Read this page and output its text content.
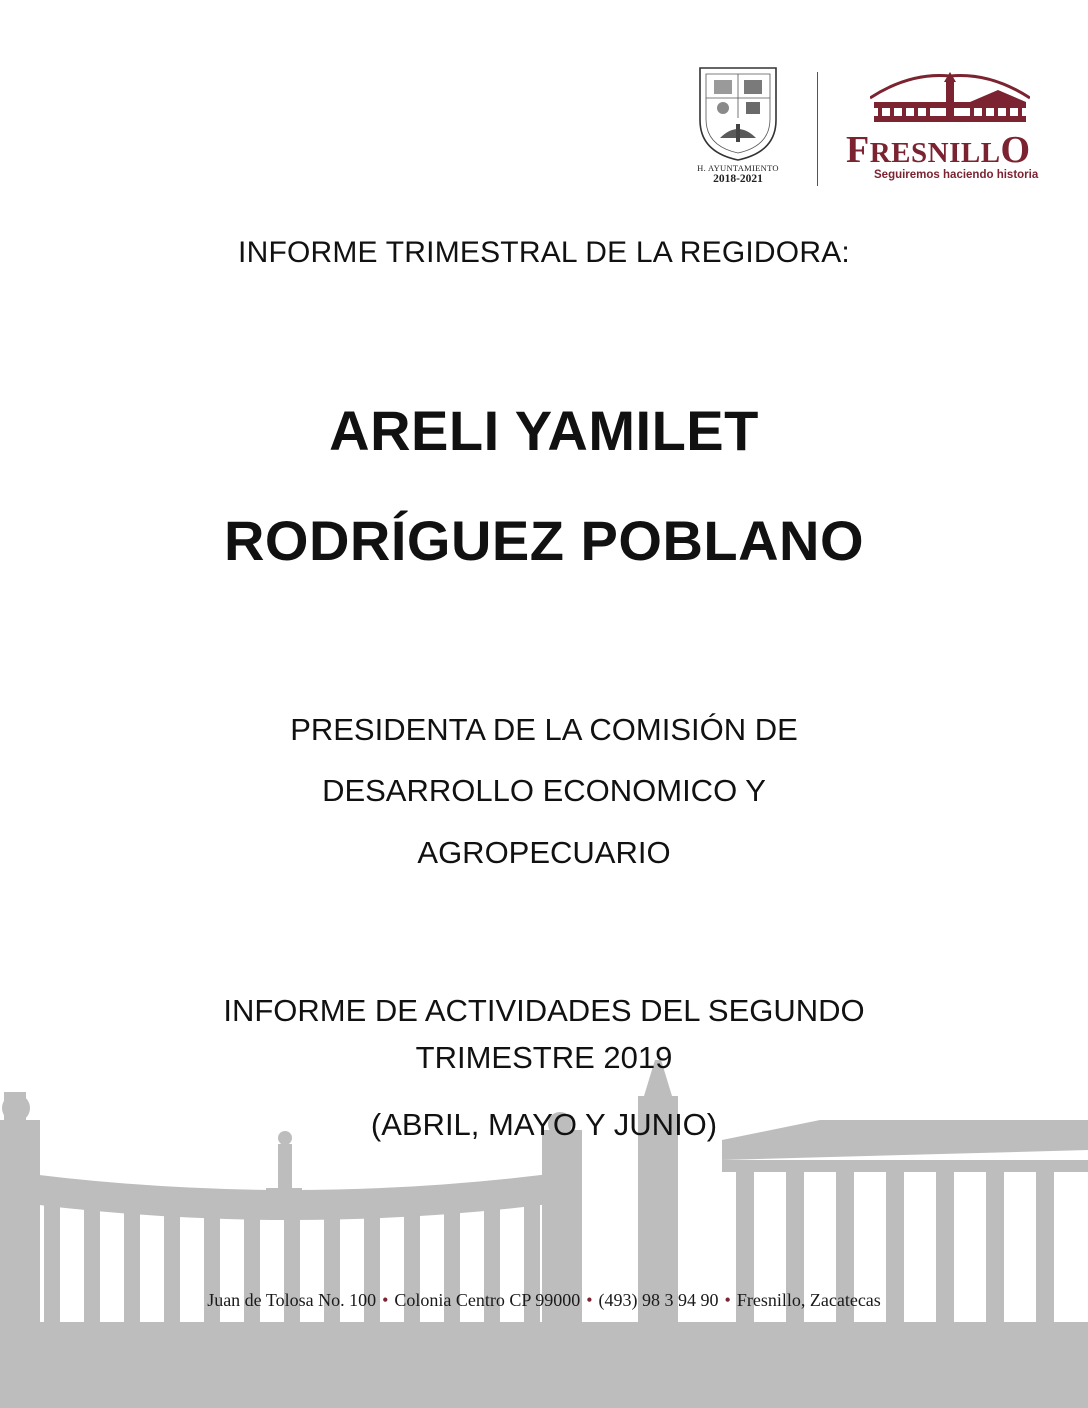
H. AYUNTAMIENTO
2018-2021
FRESNILLO
Seguiremos haciendo historia
INFORME TRIMESTRAL DE LA REGIDORA:
ARELI YAMILET
RODRÍGUEZ POBLANO
PRESIDENTA DE LA COMISIÓN DE
DESARROLLO ECONOMICO Y
AGROPECUARIO
INFORME DE ACTIVIDADES DEL SEGUNDO
TRIMESTRE 2019
(ABRIL, MAYO Y JUNIO)
Juan de Tolosa No. 100 • Colonia Centro CP 99000 • (493) 98 3 94 90 • Fresnillo, Zacatecas
